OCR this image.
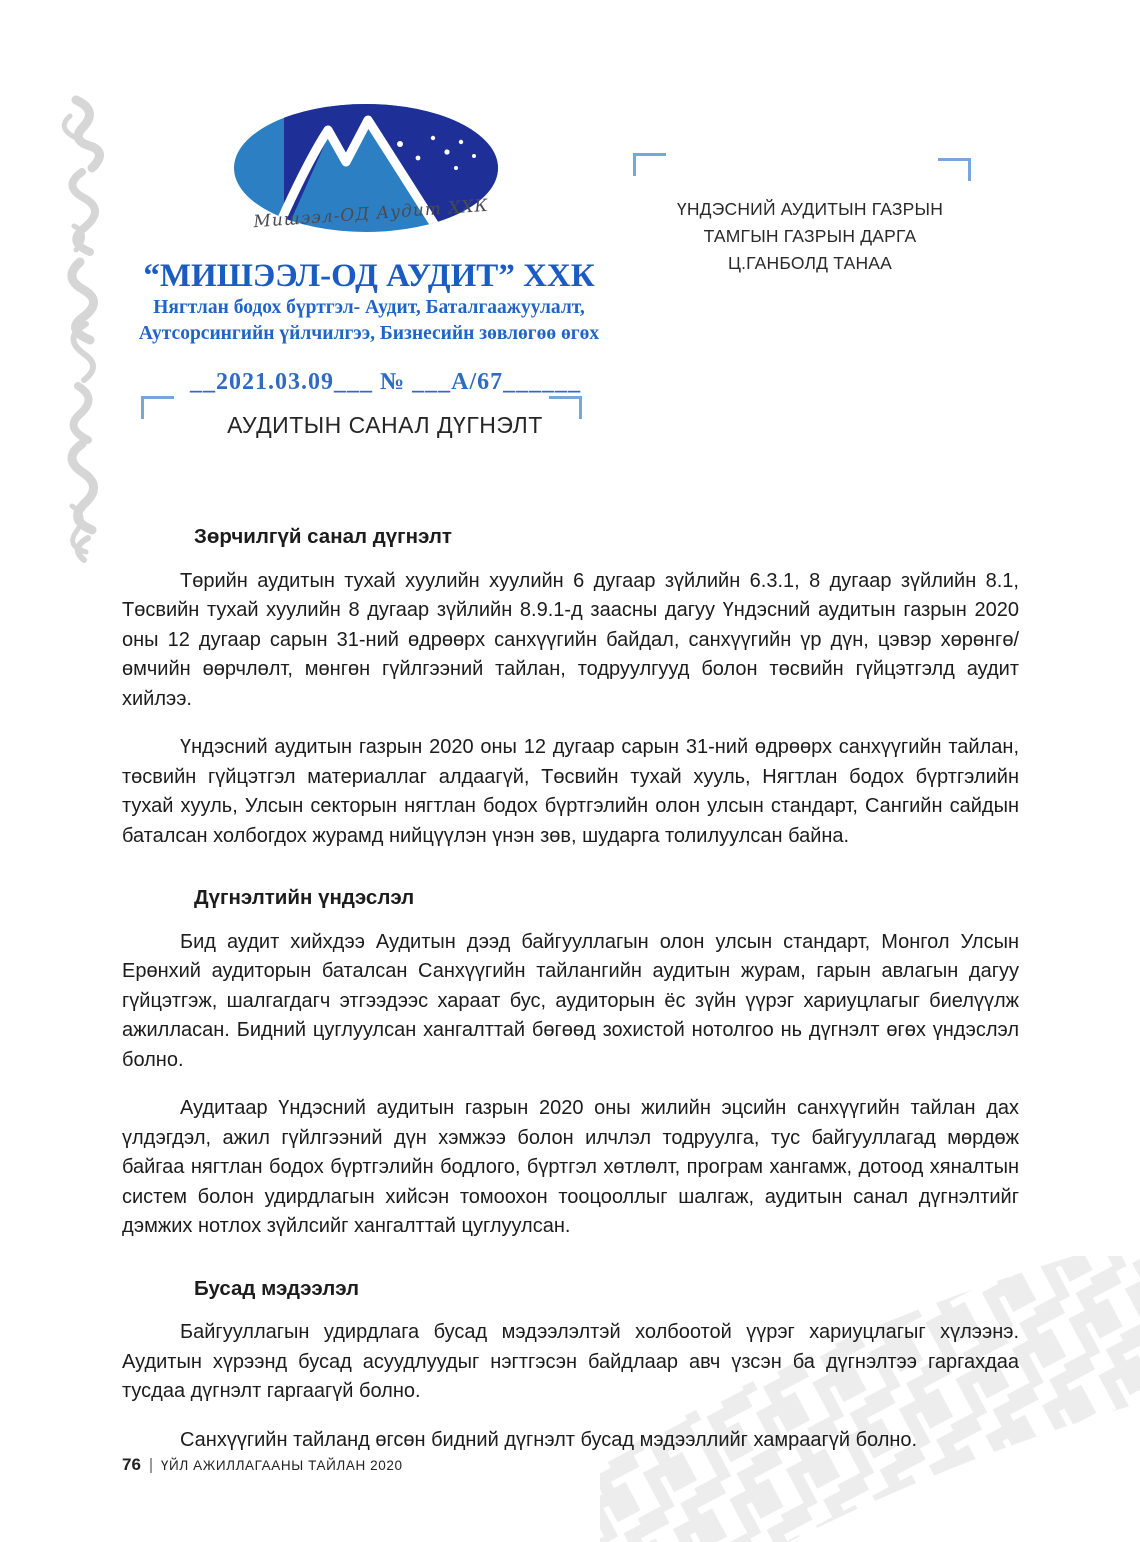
Мишээл-ОД Аудит ХХК
“МИШЭЭЛ-ОД АУДИТ” ХХК
Нягтлан бодох бүртгэл- Аудит, Баталгаажуулалт,
Аутсорсингийн үйлчилгээ, Бизнесийн зөвлөгөө өгөх
__2021.03.09___ № ___А/67______
ҮНДЭСНИЙ АУДИТЫН ГАЗРЫН
ТАМГЫН ГАЗРЫН ДАРГА
Ц.ГАНБОЛД ТАНАА
АУДИТЫН САНАЛ ДҮГНЭЛТ
Зөрчилгүй санал дүгнэлт

Төрийн аудитын тухай хуулийн хуулийн 6 дугаар зүйлийн 6.3.1, 8 дугаар зүйлийн 8.1, Төсвийн тухай хуулийн 8 дугаар зүйлийн 8.9.1-д заасны дагуу Үндэсний аудитын газрын 2020 оны 12 дугаар сарын 31-ний өдрөөрх санхүүгийн байдал, санхүүгийн үр дүн, цэвэр хөрөнгө/өмчийн өөрчлөлт, мөнгөн гүйлгээний тайлан, тодруулгууд болон төсвийн гүйцэтгэлд аудит хийлээ.

Үндэсний аудитын газрын 2020 оны 12 дугаар сарын 31-ний өдрөөрх санхүүгийн тайлан, төсвийн гүйцэтгэл материаллаг алдаагүй, Төсвийн тухай хууль, Нягтлан бодох бүртгэлийн тухай хууль, Улсын секторын нягтлан бодох бүртгэлийн олон улсын стандарт, Сангийн сайдын баталсан холбогдох журамд нийцүүлэн үнэн зөв, шударга толилуулсан байна.

Дүгнэлтийн үндэслэл

Бид аудит хийхдээ Аудитын дээд байгууллагын олон улсын стандарт, Монгол Улсын Ерөнхий аудиторын баталсан Санхүүгийн тайлангийн аудитын журам, гарын авлагын дагуу гүйцэтгэж, шалгагдагч этгээдээс хараат бус, аудиторын ёс зүйн үүрэг хариуцлагыг биелүүлж ажилласан. Бидний цуглуулсан хангалттай бөгөөд зохистой нотолгоо нь дүгнэлт өгөх үндэслэл болно.

Аудитаар Үндэсний аудитын газрын 2020 оны жилийн эцсийн санхүүгийн тайлан дах үлдэгдэл, ажил гүйлгээний дүн хэмжээ болон илчлэл тодруулга, тус байгууллагад мөрдөж байгаа нягтлан бодох бүртгэлийн бодлого, бүртгэл хөтлөлт, програм хангамж, дотоод хяналтын систем болон удирдлагын хийсэн томоохон тооцооллыг шалгаж, аудитын санал дүгнэлтийг дэмжих нотлох зүйлсийг хангалттай цуглуулсан.

Бусад мэдээлэл

Байгууллагын удирдлага бусад мэдээлэлтэй холбоотой үүрэг хариуцлагыг хүлээнэ. Аудитын хүрээнд бусад асуудлуудыг нэгтгэсэн байдлаар авч үзсэн ба дүгнэлтээ гаргахдаа тусдаа дүгнэлт гаргаагүй болно.

Санхүүгийн тайланд өгсөн бидний дүгнэлт бусад мэдээллийг хамраагүй болно.

76 ҮЙЛ АЖИЛЛАГААНЫ ТАЙЛАН 2020
